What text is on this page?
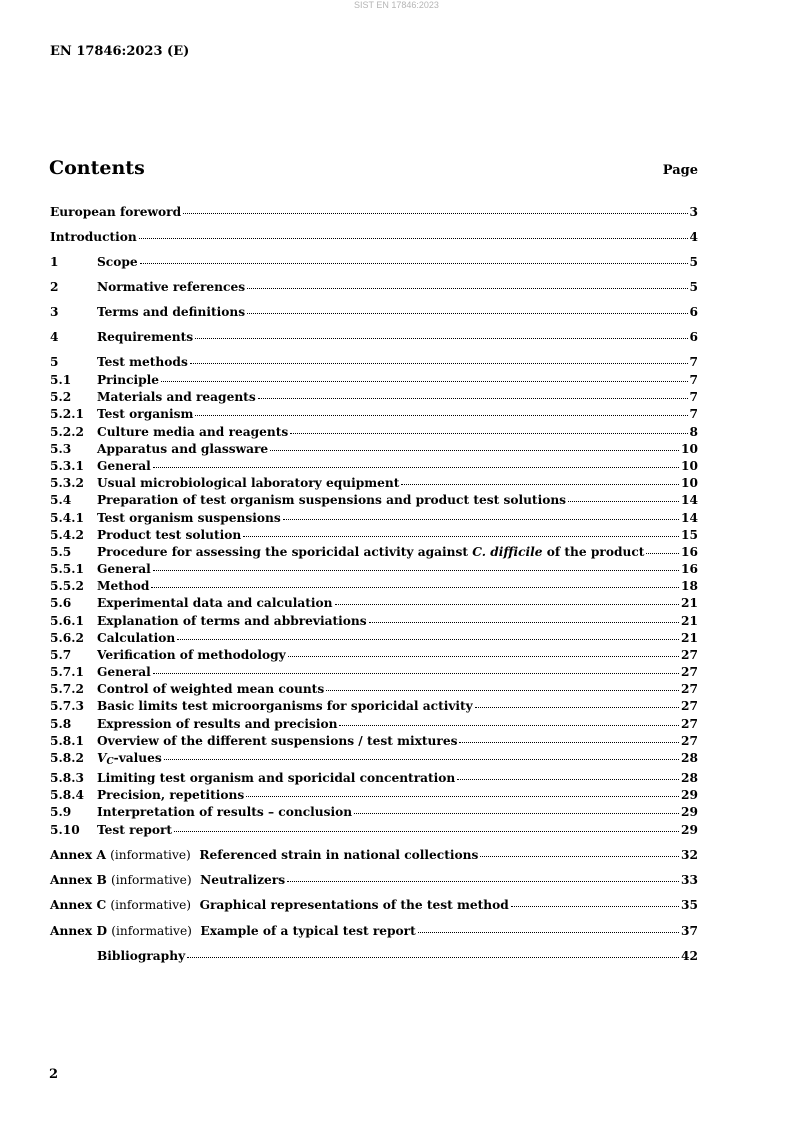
SIST EN 17846:2023
EN 17846:2023 (E)
Contents	Page
European foreword	3
Introduction	4
1	Scope	5
2	Normative references	5
3	Terms and definitions	6
4	Requirements	6
5	Test methods	7
5.1	Principle	7
5.2	Materials and reagents	7
5.2.1	Test organism	7
5.2.2	Culture media and reagents	8
5.3	Apparatus and glassware	10
5.3.1	General	10
5.3.2	Usual microbiological laboratory equipment	10
5.4	Preparation of test organism suspensions and product test solutions	14
5.4.1	Test organism suspensions	14
5.4.2	Product test solution	15
5.5	Procedure for assessing the sporicidal activity against C. difficile of the product	16
5.5.1	General	16
5.5.2	Method	18
5.6	Experimental data and calculation	21
5.6.1	Explanation of terms and abbreviations	21
5.6.2	Calculation	21
5.7	Verification of methodology	27
5.7.1	General	27
5.7.2	Control of weighted mean counts	27
5.7.3	Basic limits test microorganisms for sporicidal activity	27
5.8	Expression of results and precision	27
5.8.1	Overview of the different suspensions / test mixtures	27
5.8.2	$V_C$-values	28
5.8.3	Limiting test organism and sporicidal concentration	28
5.8.4	Precision, repetitions	29
5.9	Interpretation of results – conclusion	29
5.10	Test report	29
Annex A (informative) Referenced strain in national collections	32
Annex B (informative) Neutralizers	33
Annex C (informative) Graphical representations of the test method	35
Annex D (informative) Example of a typical test report	37
Bibliography	42
2
